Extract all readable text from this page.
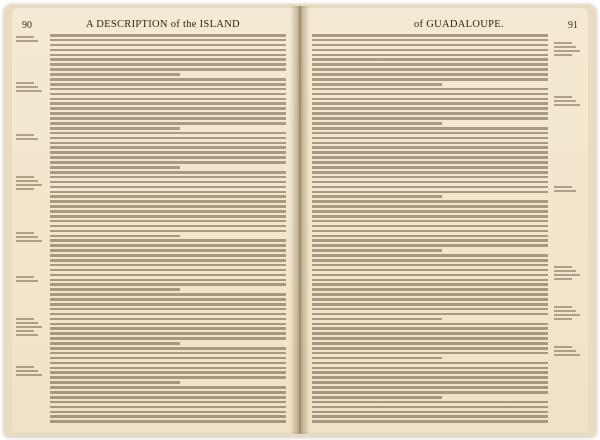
90	A DESCRIPTION of the ISLAND	of GUADALOUPE.	91
